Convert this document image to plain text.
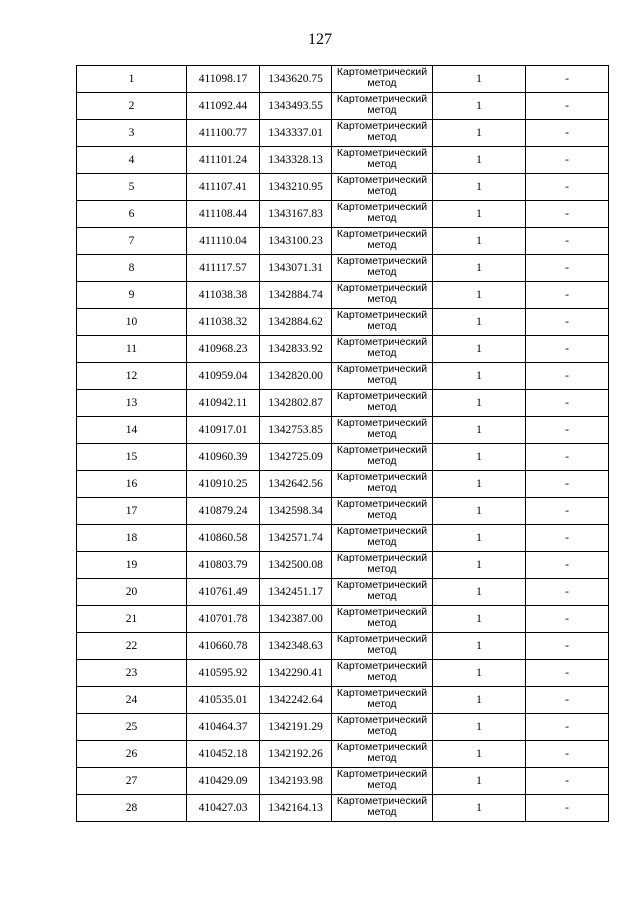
127
1	411098.17	1343620.75	Картометрический метод	1	-
2	411092.44	1343493.55	Картометрический метод	1	-
3	411100.77	1343337.01	Картометрический метод	1	-
4	411101.24	1343328.13	Картометрический метод	1	-
5	411107.41	1343210.95	Картометрический метод	1	-
6	411108.44	1343167.83	Картометрический метод	1	-
7	411110.04	1343100.23	Картометрический метод	1	-
8	411117.57	1343071.31	Картометрический метод	1	-
9	411038.38	1342884.74	Картометрический метод	1	-
10	411038.32	1342884.62	Картометрический метод	1	-
11	410968.23	1342833.92	Картометрический метод	1	-
12	410959.04	1342820.00	Картометрический метод	1	-
13	410942.11	1342802.87	Картометрический метод	1	-
14	410917.01	1342753.85	Картометрический метод	1	-
15	410960.39	1342725.09	Картометрический метод	1	-
16	410910.25	1342642.56	Картометрический метод	1	-
17	410879.24	1342598.34	Картометрический метод	1	-
18	410860.58	1342571.74	Картометрический метод	1	-
19	410803.79	1342500.08	Картометрический метод	1	-
20	410761.49	1342451.17	Картометрический метод	1	-
21	410701.78	1342387.00	Картометрический метод	1	-
22	410660.78	1342348.63	Картометрический метод	1	-
23	410595.92	1342290.41	Картометрический метод	1	-
24	410535.01	1342242.64	Картометрический метод	1	-
25	410464.37	1342191.29	Картометрический метод	1	-
26	410452.18	1342192.26	Картометрический метод	1	-
27	410429.09	1342193.98	Картометрический метод	1	-
28	410427.03	1342164.13	Картометрический метод	1	-
